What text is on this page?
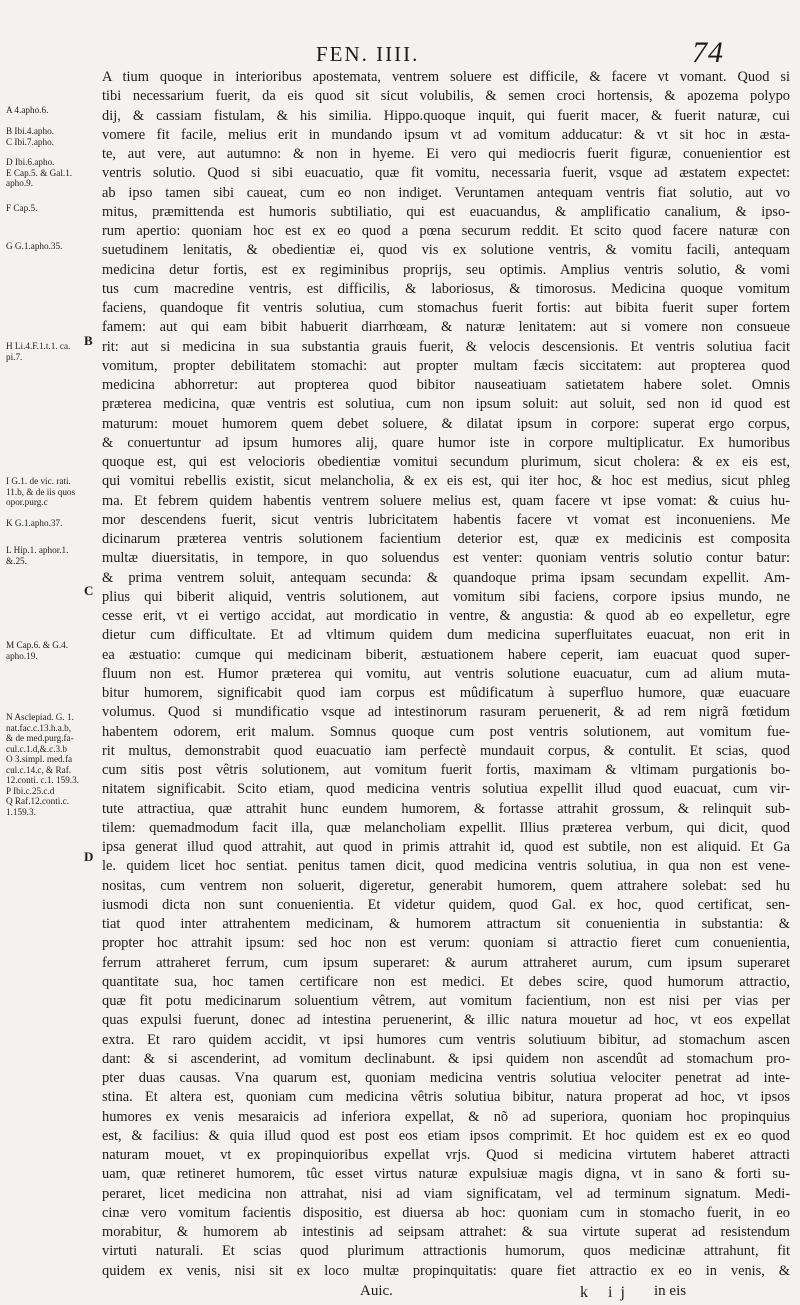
FEN. IIII.	74
A 4.apho.6.
B Ibi.4.apho.
C Ibi.7.apho.
D Ibi.6.apho.
E Cap.5. & Gal.1.
apho.9.
F Cap.5.
G G.1.apho.35.
H Li.4.F.1.t.1. ca.
pi.7.
I G.1. de vic. rati.
11.b, & de iis quos
opor.purg.c
K G.1.apho.37.
L Hip.1. aphor.1.
&.25.
M Cap.6. & G.4.
apho.19.
N Asclepiad. G. 1.
nat.fac.c.13.h.a.b,
& de med.purg.fa-
cul.c.1.d,&.c.3.b
O 3.simpl. med.fa
cul.c.14.c, & Raf.
12.conti. c.1. 159.3.
P Ibi.c.25.c.d
Q Raf.12.conti.c.
1.159.3.
B
C
D
A tium quoque in interioribus apostemata, ventrem soluere est difficile, & facere vt vomant. Quod si
tibi necessarium fuerit, da eis quod sit sicut volubilis, & semen croci hortensis, & apozema polypo
dij, & cassiam fistulam, & his similia. Hippo.quoque inquit, qui fuerit macer, & fuerit naturæ, cui
vomere fit facile, melius erit in mundando ipsum vt ad vomitum adducatur: & vt sit hoc in æsta-
te, aut vere, aut autumno: & non in hyeme. Ei vero qui mediocris fuerit figuræ, conuenientior est
ventris solutio. Quod si sibi euacuatio, quæ fit vomitu, necessaria fuerit, vsque ad æstatem expectet:
ab ipso tamen sibi caueat, cum eo non indiget. Veruntamen antequam ventris fiat solutio, aut vo
mitus, præmittenda est humoris subtiliatio, qui est euacuandus, & amplificatio canalium, & ipso-
rum apertio: quoniam hoc est ex eo quod a pœna securum reddit. Et scito quod facere naturæ con
suetudinem lenitatis, & obedientiæ ei, quod vis ex solutione ventris, & vomitu facili, antequam
medicina detur fortis, est ex regiminibus proprijs, seu optimis. Amplius ventris solutio, & vomi
tus cum macredine ventris, est difficilis, & laboriosus, & timorosus. Medicina quoque vomitum
faciens, quandoque fit ventris solutiua, cum stomachus fuerit fortis: aut bibita fuerit super fortem
famem: aut qui eam bibit habuerit diarrhœam, & naturæ lenitatem: aut si vomere non consueue
rit: aut si medicina in sua substantia grauis fuerit, & velocis descensionis. Et ventris solutiua facit
vomitum, propter debilitatem stomachi: aut propter multam fæcis siccitatem: aut propterea quod
medicina abhorretur: aut propterea quod bibitor nauseatiuam satietatem habere solet. Omnis
præterea medicina, quæ ventris est solutiua, cum non ipsum soluit: aut soluit, sed non id quod est
maturum: mouet humorem quem debet soluere, & dilatat ipsum in corpore: superat ergo corpus,
& conuertuntur ad ipsum humores alij, quare humor iste in corpore multiplicatur. Ex humoribus
quoque est, qui est velocioris obedientiæ vomitui secundum plurimum, sicut cholera: & ex eis est,
qui vomitui rebellis existit, sicut melancholia, & ex eis est, qui iter hoc, & hoc est medius, sicut phleg
ma. Et febrem quidem habentis ventrem soluere melius est, quam facere vt ipse vomat: & cuius hu-
mor descendens fuerit, sicut ventris lubricitatem habentis facere vt vomat est inconueniens. Me
dicinarum præterea ventris solutionem facientium deterior est, quæ ex medicinis est composita
multæ diuersitatis, in tempore, in quo soluendus est venter: quoniam ventris solutio contur batur:
& prima ventrem soluit, antequam secunda: & quandoque prima ipsam secundam expellit. Am-
plius qui biberit aliquid, ventris solutionem, aut vomitum sibi faciens, corpore ipsius mundo, ne
cesse erit, vt ei vertigo accidat, aut mordicatio in ventre, & angustia: & quod ab eo expelletur, egre
dietur cum difficultate. Et ad vltimum quidem dum medicina superfluitates euacuat, non erit in
ea æstuatio: cumque qui medicinam biberit, æstuationem habere ceperit, iam euacuat quod super-
fluum non est. Humor præterea qui vomitu, aut ventris solutione euacuatur, cum ad alium muta-
bitur humorem, significabit quod iam corpus est mûdificatum à superfluo humore, quæ euacuare
volumus. Quod si mundificatio vsque ad intestinorum rasuram peruenerit, & ad rem nigrã fœtidum
habentem odorem, erit malum. Somnus quoque cum post ventris solutionem, aut vomitum fue-
rit multus, demonstrabit quod euacuatio iam perfectè mundauit corpus, & contulit. Et scias, quod
cum sitis post vêtris solutionem, aut vomitum fuerit fortis, maximam & vltimam purgationis bo-
nitatem significabit. Scito etiam, quod medicina ventris solutiua expellit illud quod euacuat, cum vir-
tute attractiua, quæ attrahit hunc eundem humorem, & fortasse attrahit grossum, & relinquit sub-
tilem: quemadmodum facit illa, quæ melancholiam expellit. Illius præterea verbum, qui dicit, quod
ipsa generat illud quod attrahit, aut quod in primis attrahit id, quod est subtile, non est aliquid. Et Ga
le. quidem licet hoc sentiat. penitus tamen dicit, quod medicina ventris solutiua, in qua non est vene-
nositas, cum ventrem non soluerit, digeretur, generabit humorem, quem attrahere solebat: sed hu
iusmodi dicta non sunt conuenientia. Et videtur quidem, quod Gal. ex hoc, quod certificat, sen-
tiat quod inter attrahentem medicinam, & humorem attractum sit conuenientia in substantia: &
propter hoc attrahit ipsum: sed hoc non est verum: quoniam si attractio fieret cum conuenientia,
ferrum attraheret ferrum, cum ipsum superaret: & aurum attraheret aurum, cum ipsum superaret
quantitate sua, hoc tamen certificare non est medici. Et debes scire, quod humorum attractio,
quæ fit potu medicinarum soluentium vêtrem, aut vomitum facientium, non est nisi per vias per
quas expulsi fuerunt, donec ad intestina peruenerint, & illic natura mouetur ad hoc, vt eos expellat
extra. Et raro quidem accidit, vt ipsi humores cum ventris solutiuum bibitur, ad stomachum ascen
dant: & si ascenderint, ad vomitum declinabunt. & ipsi quidem non ascendût ad stomachum pro-
pter duas causas. Vna quarum est, quoniam medicina ventris solutiua velociter penetrat ad inte-
stina. Et altera est, quoniam cum medicina vêtris solutiua bibitur, natura properat ad hoc, vt ipsos
humores ex venis mesaraicis ad inferiora expellat, & nõ ad superiora, quoniam hoc propinquius
est, & facilius: & quia illud quod est post eos etiam ipsos comprimit. Et hoc quidem est ex eo quod
naturam mouet, vt ex propinquioribus expellat vrjs. Quod si medicina virtutem haberet attracti
uam, quæ retineret humorem, tûc esset virtus naturæ expulsiuæ magis digna, vt in sano & forti su-
peraret, licet medicina non attrahat, nisi ad viam significatam, vel ad terminum signatum. Medi-
cinæ vero vomitum facientis dispositio, est diuersa ab hoc: quoniam cum in stomacho fuerit, in eo
morabitur, & humorem ab intestinis ad seipsam attrahet: & sua virtute superat ad resistendum
virtuti naturali. Et scias quod plurimum attractionis humorum, quos medicinæ attrahunt, fit
quidem ex venis, nisi sit ex loco multæ propinquitatis: quare fiet attractio ex eo in venis, &
Auic.	k ij in eis
